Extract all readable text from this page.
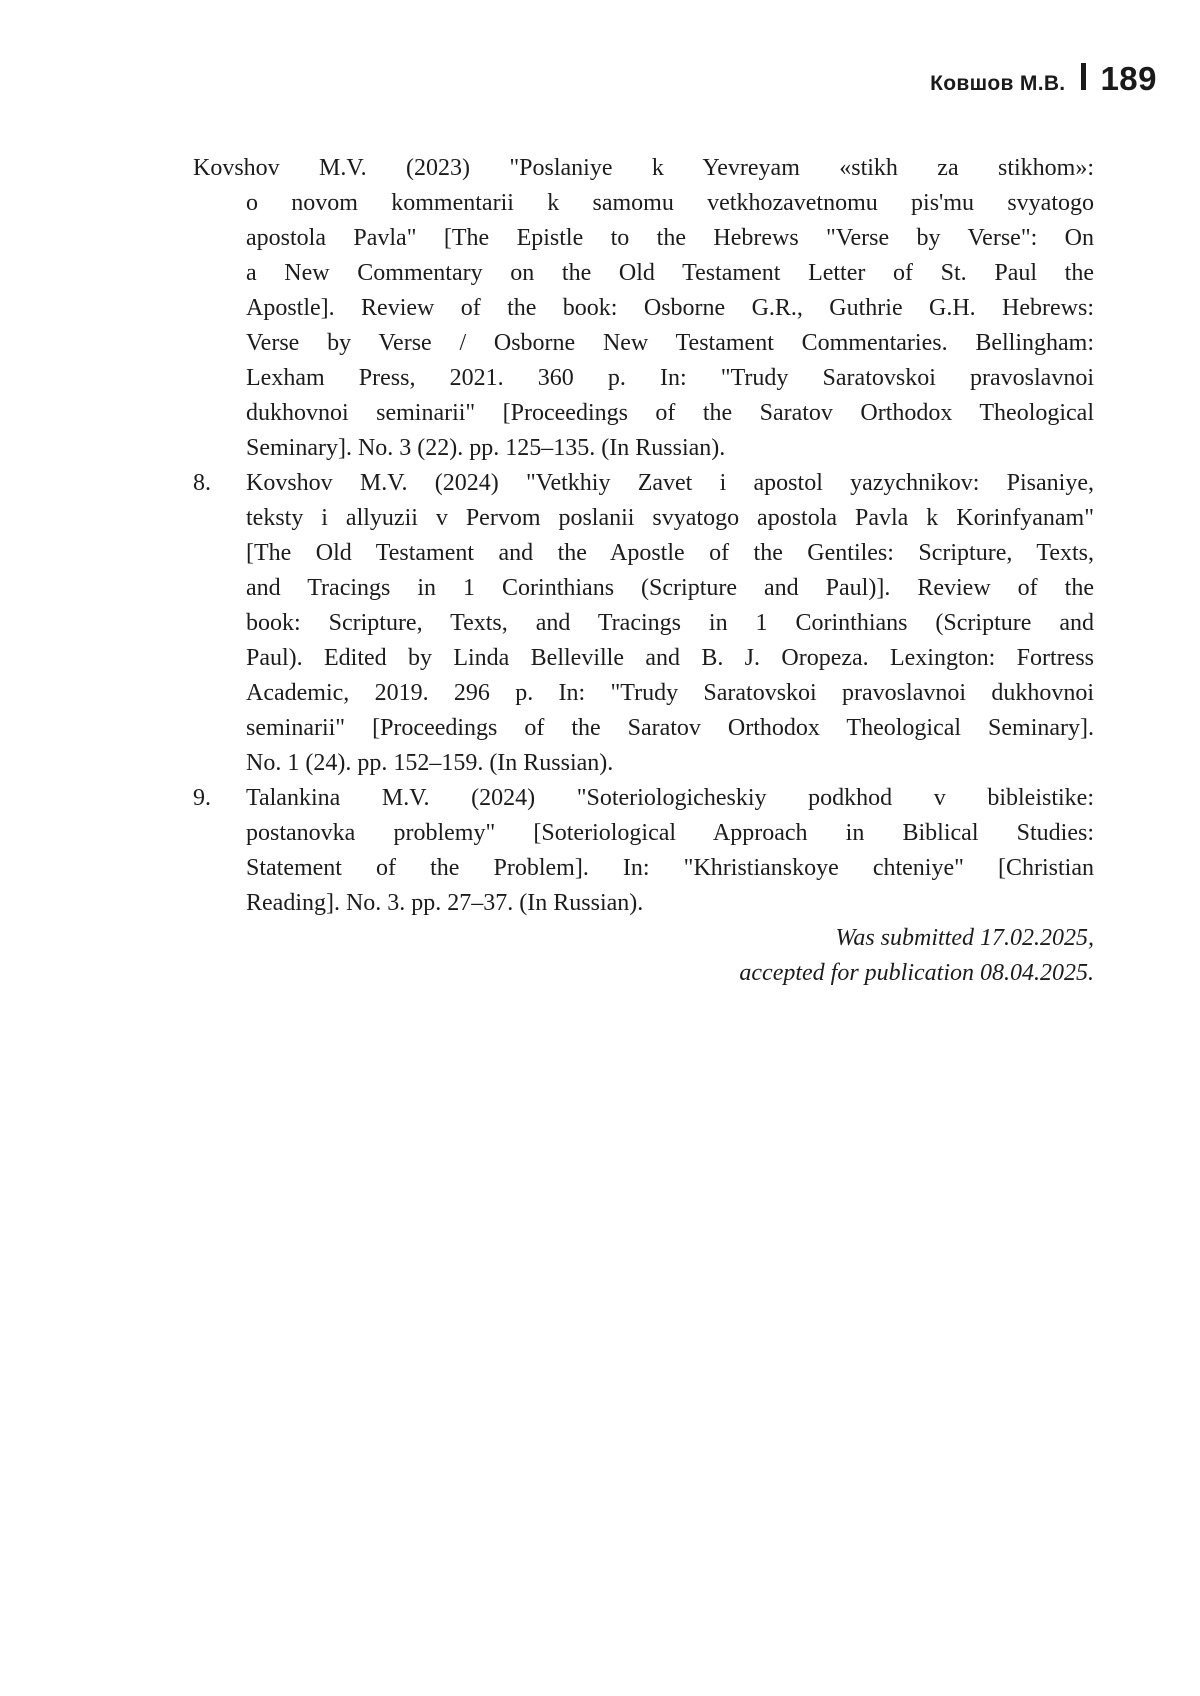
Ковшов М.В. 189
Kovshov M.V. (2023) "Poslaniye k Yevreyam «stikh za stikhom»:
o novom kommentarii k samomu vetkhozavetnomu pis'mu svyatogo
apostola Pavla" [The Epistle to the Hebrews "Verse by Verse": On
a New Commentary on the Old Testament Letter of St. Paul the
Apostle]. Review of the book: Osborne G.R., Guthrie G.H. Hebrews:
Verse by Verse / Osborne New Testament Commentaries. Bellingham:
Lexham Press, 2021. 360 p. In: "Trudy Saratovskoi pravoslavnoi
dukhovnoi seminarii" [Proceedings of the Saratov Orthodox Theological
Seminary]. No. 3 (22). pp. 125–135. (In Russian).
8. Kovshov M.V. (2024) "Vetkhiy Zavet i apostol yazychnikov: Pisaniye,
teksty i allyuzii v Pervom poslanii svyatogo apostola Pavla k Korinfyanam"
[The Old Testament and the Apostle of the Gentiles: Scripture, Texts,
and Tracings in 1 Corinthians (Scripture and Paul)]. Review of the
book: Scripture, Texts, and Tracings in 1 Corinthians (Scripture and
Paul). Edited by Linda Belleville and B. J. Oropeza. Lexington: Fortress
Academic, 2019. 296 p. In: "Trudy Saratovskoi pravoslavnoi dukhovnoi
seminarii" [Proceedings of the Saratov Orthodox Theological Seminary].
No. 1 (24). pp. 152–159. (In Russian).
9. Talankina M.V. (2024) "Soteriologicheskiy podkhod v bibleistike:
postanovka problemy" [Soteriological Approach in Biblical Studies:
Statement of the Problem]. In: "Khristianskoye chteniye" [Christian
Reading]. No. 3. pp. 27–37. (In Russian).
Was submitted 17.02.2025,
accepted for publication 08.04.2025.
